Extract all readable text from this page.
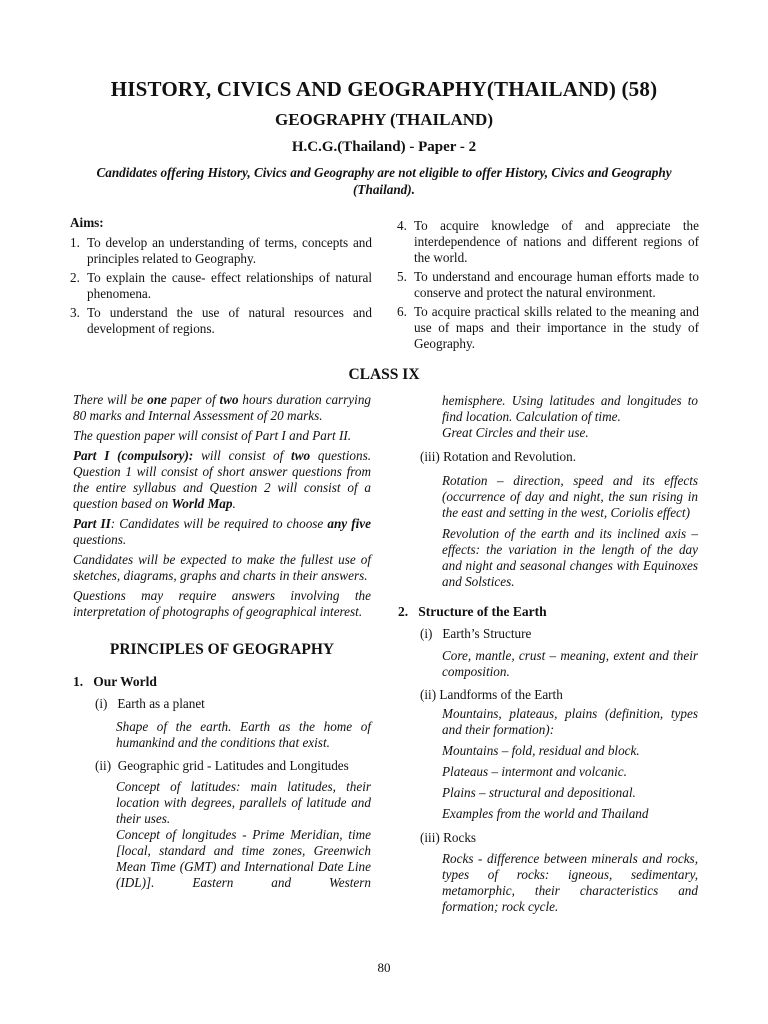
HISTORY, CIVICS AND GEOGRAPHY(THAILAND) (58)
GEOGRAPHY (THAILAND)
H.C.G.(Thailand) - Paper - 2
Candidates offering History, Civics and Geography are not eligible to offer History, Civics and Geography (Thailand).
Aims:
1. To develop an understanding of terms, concepts and principles related to Geography.
2. To explain the cause- effect relationships of natural phenomena.
3. To understand the use of natural resources and development of regions.
4. To acquire knowledge of and appreciate the interdependence of nations and different regions of the world.
5. To understand and encourage human efforts made to conserve and protect the natural environment.
6. To acquire practical skills related to the meaning and use of maps and their importance in the study of Geography.
CLASS IX

There will be one paper of two hours duration carrying 80 marks and Internal Assessment of 20 marks.

The question paper will consist of Part I and Part II.

Part I (compulsory): will consist of two questions. Question 1 will consist of short answer questions from the entire syllabus and Question 2 will consist of a question based on World Map.

Part II: Candidates will be required to choose any five questions.

Candidates will be expected to make the fullest use of sketches, diagrams, graphs and charts in their answers.

Questions may require answers involving the interpretation of photographs of geographical interest.

PRINCIPLES OF GEOGRAPHY
1.   Our World

(i)   Earth as a planet

Shape of the earth. Earth as the home of humankind and the conditions that exist.

(ii)  Geographic grid - Latitudes and Longitudes

Concept of latitudes: main latitudes, their location with degrees, parallels of latitude and their uses.

Concept of longitudes - Prime Meridian, time [local, standard and time zones, Greenwich Mean Time (GMT) and International Date Line (IDL)]. Eastern and Western

hemisphere. Using latitudes and longitudes to find location. Calculation of time.

Great Circles and their use.

(iii) Rotation and Revolution.

Rotation – direction, speed and its effects (occurrence of day and night, the sun rising in the east and setting in the west, Coriolis effect)

Revolution of the earth and its inclined axis – effects: the variation in the length of the day and night and seasonal changes with Equinoxes and Solstices.

2.   Structure of the Earth

(i)   Earth’s Structure

Core, mantle, crust – meaning, extent and their composition.

(ii) Landforms of the Earth

Mountains, plateaus, plains (definition, types and their formation):

Mountains – fold, residual and block.

Plateaus – intermont and volcanic.

Plains – structural and depositional.

Examples from the world and Thailand

(iii) Rocks

Rocks - difference between minerals and rocks, types of rocks: igneous, sedimentary, metamorphic, their characteristics and formation; rock cycle.

80
